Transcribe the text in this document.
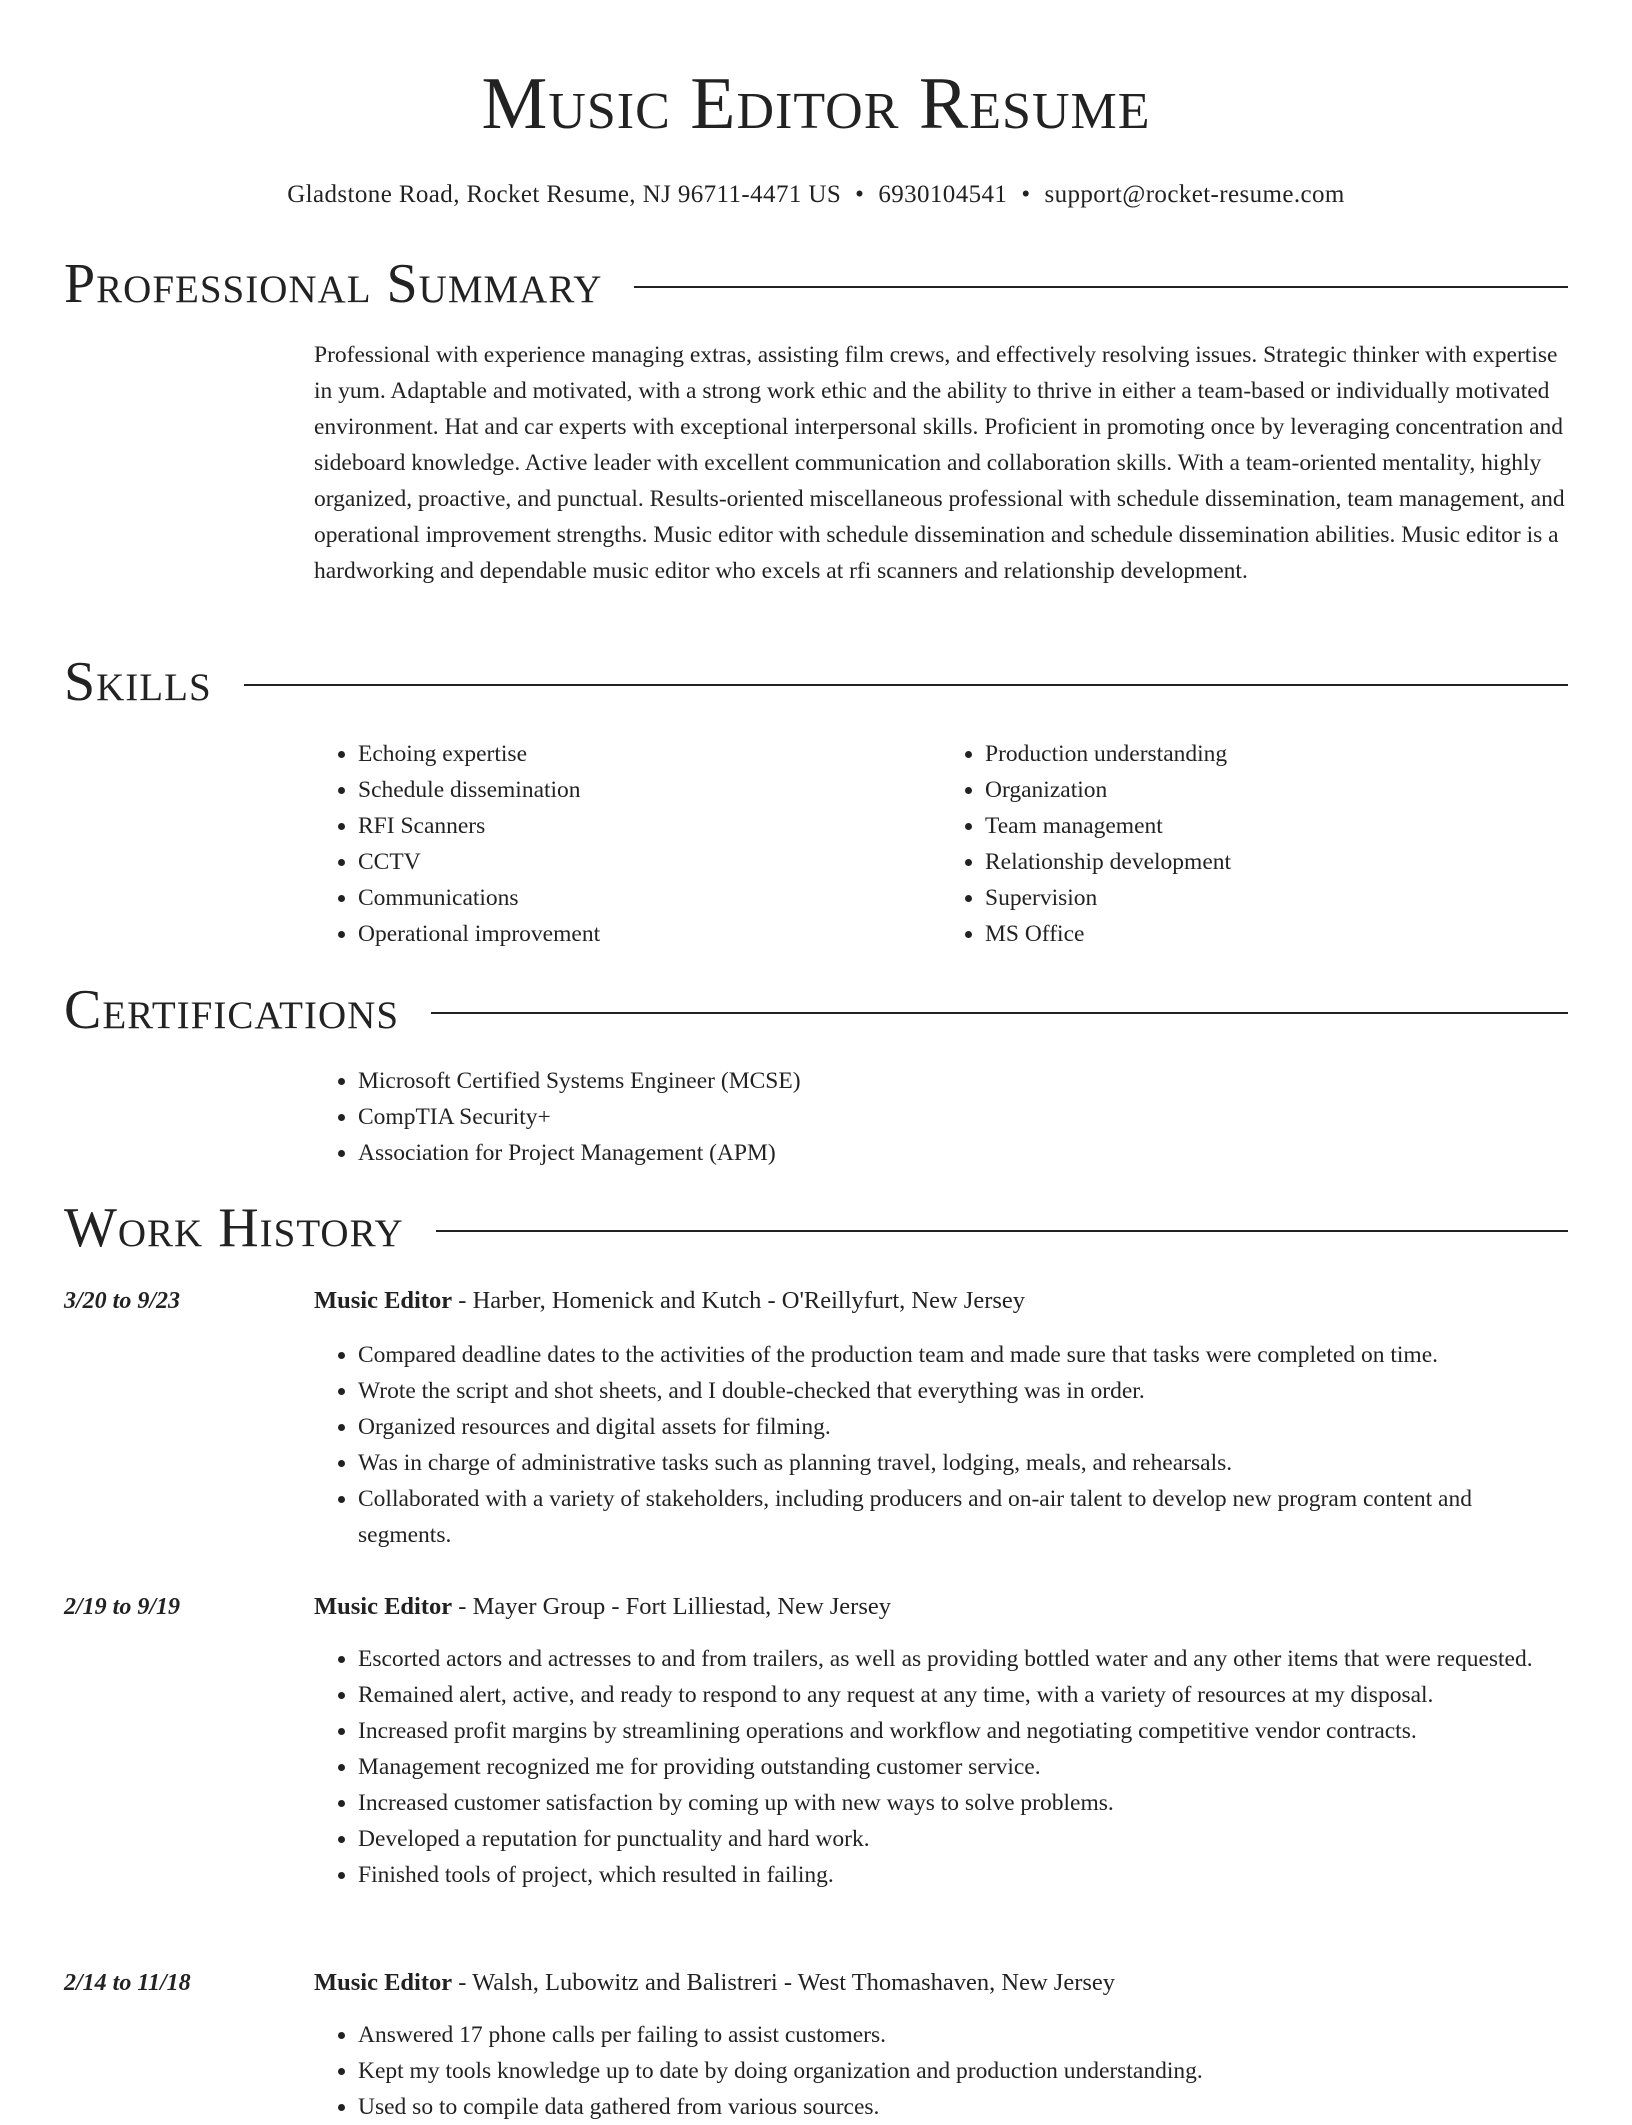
Music Editor Resume
Gladstone Road, Rocket Resume, NJ 96711-4471 US • 6930104541 • support@rocket-resume.com
Professional Summary

Professional with experience managing extras, assisting film crews, and effectively resolving issues. Strategic thinker with expertise in yum. Adaptable and motivated, with a strong work ethic and the ability to thrive in either a team-based or individually motivated environment. Hat and car experts with exceptional interpersonal skills. Proficient in promoting once by leveraging concentration and sideboard knowledge. Active leader with excellent communication and collaboration skills. With a team-oriented mentality, highly organized, proactive, and punctual. Results-oriented miscellaneous professional with schedule dissemination, team management, and operational improvement strengths. Music editor with schedule dissemination and schedule dissemination abilities. Music editor is a hardworking and dependable music editor who excels at rfi scanners and relationship development.

Skills
• Echoing expertise
• Schedule dissemination
• RFI Scanners
• CCTV
• Communications
• Operational improvement
• Production understanding
• Organization
• Team management
• Relationship development
• Supervision
• MS Office
Certifications
• Microsoft Certified Systems Engineer (MCSE)
• CompTIA Security+
• Association for Project Management (APM)
Work History
3/20 to 9/23	Music Editor - Harber, Homenick and Kutch - O'Reillyfurt, New Jersey
• Compared deadline dates to the activities of the production team and made sure that tasks were completed on time.
• Wrote the script and shot sheets, and I double-checked that everything was in order.
• Organized resources and digital assets for filming.
• Was in charge of administrative tasks such as planning travel, lodging, meals, and rehearsals.
• Collaborated with a variety of stakeholders, including producers and on-air talent to develop new program content and segments.
2/19 to 9/19	Music Editor - Mayer Group - Fort Lilliestad, New Jersey
• Escorted actors and actresses to and from trailers, as well as providing bottled water and any other items that were requested.
• Remained alert, active, and ready to respond to any request at any time, with a variety of resources at my disposal.
• Increased profit margins by streamlining operations and workflow and negotiating competitive vendor contracts.
• Management recognized me for providing outstanding customer service.
• Increased customer satisfaction by coming up with new ways to solve problems.
• Developed a reputation for punctuality and hard work.
• Finished tools of project, which resulted in failing.
2/14 to 11/18	Music Editor - Walsh, Lubowitz and Balistreri - West Thomashaven, New Jersey
• Answered 17 phone calls per failing to assist customers.
• Kept my tools knowledge up to date by doing organization and production understanding.
• Used so to compile data gathered from various sources.
